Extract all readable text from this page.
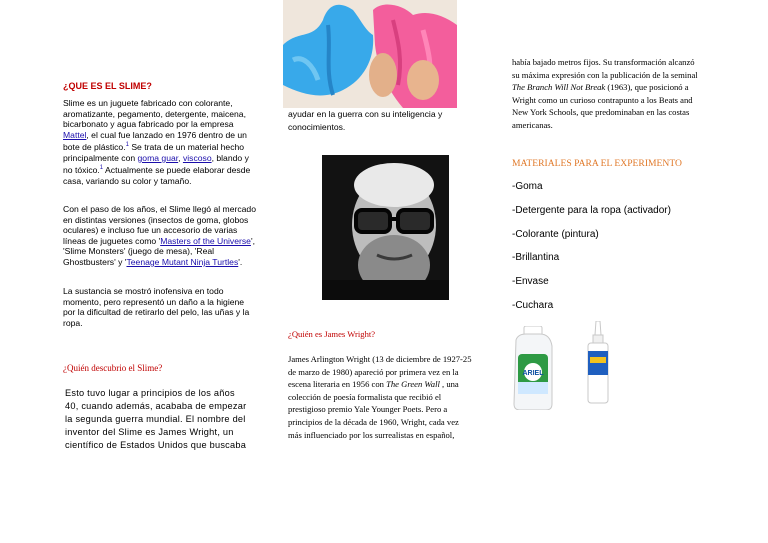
¿QUE ES EL SLIME?

Slime es un juguete fabricado con colorante, aromatizante, pegamento, detergente, maicena, bicarbonato y agua fabricado por la empresa Mattel, el cual fue lanzado en 1976 dentro de un bote de plástico.$^1$ Se trata de un material hecho principalmente con goma guar, viscoso, blando y no tóxico.$^1$ Actualmente se puede elaborar desde casa, variando su color y tamaño.

Con el paso de los años, el Slime llegó al mercado en distintas versiones (insectos de goma, globos oculares) e incluso fue un accesorio de varias líneas de juguetes como 'Masters of the Universe', 'Slime Monsters' (juego de mesa), 'Real Ghostbusters' y 'Teenage Mutant Ninja Turtles'.

La sustancia se mostró inofensiva en todo momento, pero representó un daño a la higiene por la dificultad de retirarlo del pelo, las uñas y la ropa.

¿Quién descubrio el Slime?

Esto tuvo lugar a principios de los años 40, cuando además, acababa de empezar la segunda guerra mundial. El nombre del inventor del Slime es James Wright, un científico de Estados Unidos que buscaba

ayudar en la guerra con su inteligencia y conocimientos.

¿Quién es James Wright?

James Arlington Wright (13 de diciembre de 1927-25 de marzo de 1980) apareció por primera vez en la escena literaria en 1956 con The Green Wall , una colección de poesía formalista que recibió el prestigioso premio Yale Younger Poets. Pero a principios de la década de 1960, Wright, cada vez más influenciado por los surrealistas en español,

había bajado metros fijos. Su transformación alcanzó su máxima expresión con la publicación de la seminal The Branch Will Not Break (1963), que posicionó a Wright como un curioso contrapunto a los Beats and New York Schools, que predominaban en las costas americanas.

MATERIALES PARA EL EXPERIMENTO
-Goma
-Detergente para la ropa (activador)
-Colorante (pintura)
-Brillantina
-Envase
-Cuchara
ARIEL
